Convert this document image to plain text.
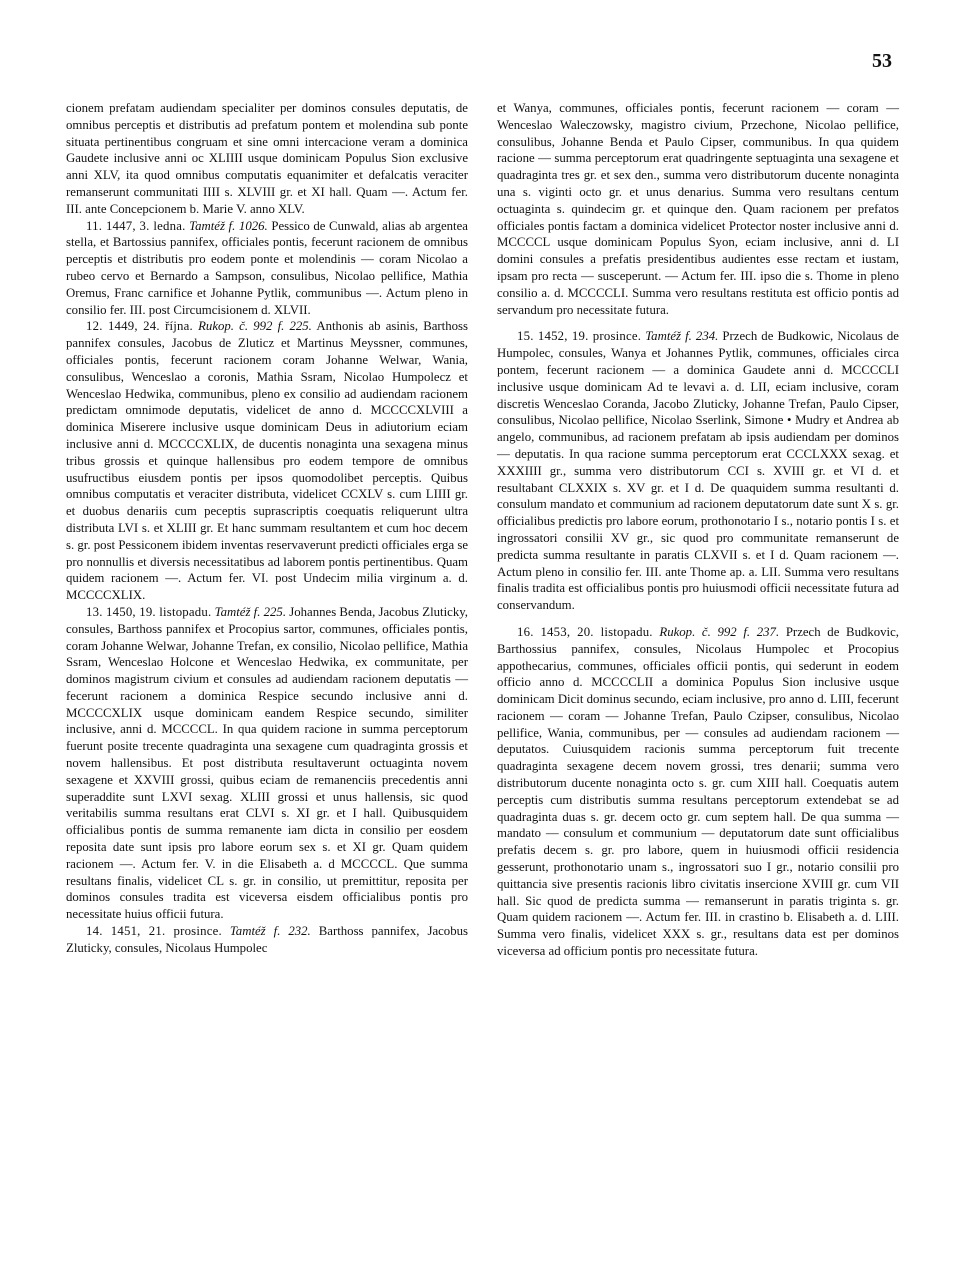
53

cionem prefatam audiendam specialiter per dominos consules deputatis, de omnibus perceptis et distributis ad prefatum pontem et molendina sub ponte situata pertinentibus congruam et sine omni intercacione veram a dominica Gaudete inclusive anni oc XLIIII usque dominicam Populus Sion exclusive anni XLV, ita quod omnibus computatis equanimiter et defalcatis veraciter remanserunt communitati IIII s. XLVIII gr. et XI hall. Quam —. Actum fer. III. ante Concepcionem b. Marie V. anno XLV.

11. 1447, 3. ledna. Tamtéž f. 1026. Pessico de Cunwald, alias ab argentea stella, et Bartossius pannifex, officiales pontis, fecerunt racionem de omnibus perceptis et distributis pro eodem ponte et molendinis — coram Nicolao a rubeo cervo et Bernardo a Sampson, consulibus, Nicolao pellifice, Mathia Oremus, Franc carnifice et Johanne Pytlik, communibus —. Actum pleno in consilio fer. III. post Circumcisionem d. XLVII.

12. 1449, 24. října. Rukop. č. 992 f. 225. Anthonis ab asinis, Barthoss pannifex consules, Jacobus de Zluticz et Martinus Meyssner, communes, officiales pontis, fecerunt racionem coram Johanne Welwar, Wania, consulibus, Wenceslao a coronis, Mathia Ssram, Nicolao Humpolecz et Wenceslao Hedwika, communibus, pleno ex consilio ad audiendam racionem predictam omnimode deputatis, videlicet de anno d. MCCCCXLVIII a dominica Miserere inclusive usque dominicam Deus in adiutorium eciam inclusive anni d. MCCCCXLIX, de ducentis nonaginta una sexagena minus tribus grossis et quinque hallensibus pro eodem tempore de omnibus usufructibus eiusdem pontis per ipsos quomodolibet perceptis. Quibus omnibus computatis et veraciter distributa, videlicet CCXLV s. cum LIIII gr. et duobus denariis cum peceptis suprascriptis coequatis reliquerunt ultra distributa LVI s. et XLIII gr. Et hanc summam resultantem et cum hoc decem s. gr. post Pessiconem ibidem inventas reservaverunt predicti officiales erga se pro nonnullis et diversis necessitatibus ad laborem pontis pertinentibus. Quam quidem racionem —. Actum fer. VI. post Undecim milia virginum a. d. MCCCCXLIX.

13. 1450, 19. listopadu. Tamtéž f. 225. Johannes Benda, Jacobus Zluticky, consules, Barthoss pannifex et Procopius sartor, communes, officiales pontis, coram Johanne Welwar, Johanne Trefan, ex consilio, Nicolao pellifice, Mathia Ssram, Wenceslao Holcone et Wenceslao Hedwika, ex communitate, per dominos magistrum civium et consules ad audiendam racionem deputatis — fecerunt racionem a dominica Respice secundo inclusive anni d. MCCCCXLIX usque dominicam eandem Respice secundo, similiter inclusive, anni d. MCCCCL. In qua quidem racione in summa perceptorum fuerunt posite trecente quadraginta una sexagene cum quadraginta grossis et novem hallensibus. Et post distributa resultaverunt octuaginta novem sexagene et XXVIII grossi, quibus eciam de remanenciis precedentis anni superaddite sunt LXVI sexag. XLIII grossi et unus hallensis, sic quod veritabilis summa resultans erat CLVI s. XI gr. et I hall. Quibusquidem officialibus pontis de summa remanente iam dicta in consilio per eosdem reposita date sunt ipsis pro labore eorum sex s. et XI gr. Quam quidem racionem —. Actum fer. V. in die Elisabeth a. d MCCCCL. Que summa resultans finalis, videlicet CL s. gr. in consilio, ut premittitur, reposita per dominos consules tradita est viceversa eisdem officialibus pontis pro necessitate huius officii futura.

14. 1451, 21. prosince. Tamtéž f. 232. Barthoss pannifex, Jacobus Zluticky, consules, Nicolaus Humpolec

et Wanya, communes, officiales pontis, fecerunt racionem — coram — Wenceslao Waleczowsky, magistro civium, Przechone, Nicolao pellifice, consulibus, Johanne Benda et Paulo Cipser, communibus. In qua quidem racione — summa perceptorum erat quadringente septuaginta una sexagene et quadraginta tres gr. et sex den., summa vero distributorum ducente nonaginta una s. viginti octo gr. et unus denarius. Summa vero resultans centum octuaginta s. quindecim gr. et quinque den. Quam racionem per prefatos officiales pontis factam a dominica videlicet Protector noster inclusive anni d. MCCCCL usque dominicam Populus Syon, eciam inclusive, anni d. LI domini consules a prefatis presidentibus audientes esse rectam et iustam, ipsam pro recta — susceperunt. — Actum fer. III. ipso die s. Thome in pleno consilio a. d. MCCCCLI. Summa vero resultans restituta est officio pontis ad servandum pro necessitate futura.

15. 1452, 19. prosince. Tamtéž f. 234. Przech de Budkowic, Nicolaus de Humpolec, consules, Wanya et Johannes Pytlik, communes, officiales circa pontem, fecerunt racionem — a dominica Gaudete anni d. MCCCCLI inclusive usque dominicam Ad te levavi a. d. LII, eciam inclusive, coram discretis Wenceslao Coranda, Jacobo Zluticky, Johanne Trefan, Paulo Cipser, consulibus, Nicolao pellifice, Nicolao Sserlink, Simone • Mudry et Andrea ab angelo, communibus, ad racionem prefatam ab ipsis audiendam per dominos — deputatis. In qua racione summa perceptorum erat CCCLXXX sexag. et XXXIIII gr., summa vero distributorum CCI s. XVIII gr. et VI d. et resultabant CLXXIX s. XV gr. et I d. De quaquidem summa resultanti d. consulum mandato et communium ad racionem deputatorum date sunt X s. gr. officialibus predictis pro labore eorum, prothonotario I s., notario pontis I s. et ingrossatori consilii XV gr., sic quod pro communitate remanserunt de predicta summa resultante in paratis CLXVII s. et I d. Quam racionem —. Actum pleno in consilio fer. III. ante Thome ap. a. LII. Summa vero resultans finalis tradita est officialibus pontis pro huiusmodi officii necessitate futura ad conservandum.

16. 1453, 20. listopadu. Rukop. č. 992 f. 237. Przech de Budkovic, Barthossius pannifex, consules, Nicolaus Humpolec et Procopius appothecarius, communes, officiales officii pontis, qui sederunt in eodem officio anno d. MCCCCLII a dominica Populus Sion inclusive usque dominicam Dicit dominus secundo, eciam inclusive, pro anno d. LIII, fecerunt racionem — coram — Johanne Trefan, Paulo Czipser, consulibus, Nicolao pellifice, Wania, communibus, per — consules ad audiendam racionem — deputatos. Cuiusquidem racionis summa perceptorum fuit trecente quadraginta sexagene decem novem grossi, tres denarii; summa vero distributorum ducente nonaginta octo s. gr. cum XIII hall. Coequatis autem perceptis cum distributis summa resultans perceptorum extendebat se ad quadraginta duas s. gr. decem octo gr. cum septem hall. De qua summa — mandato — consulum et communium — deputatorum date sunt officialibus prefatis decem s. gr. pro labore, quem in huiusmodi officii residencia gesserunt, prothonotario unam s., ingrossatori suo I gr., notario consilii pro quittancia sive presentis racionis libro civitatis insercione XVIII gr. cum VII hall. Sic quod de predicta summa — remanserunt in paratis triginta s. gr. Quam quidem racionem —. Actum fer. III. in crastino b. Elisabeth a. d. LIII. Summa vero finalis, videlicet XXX s. gr., resultans data est per dominos viceversa ad officium pontis pro necessitate futura.
